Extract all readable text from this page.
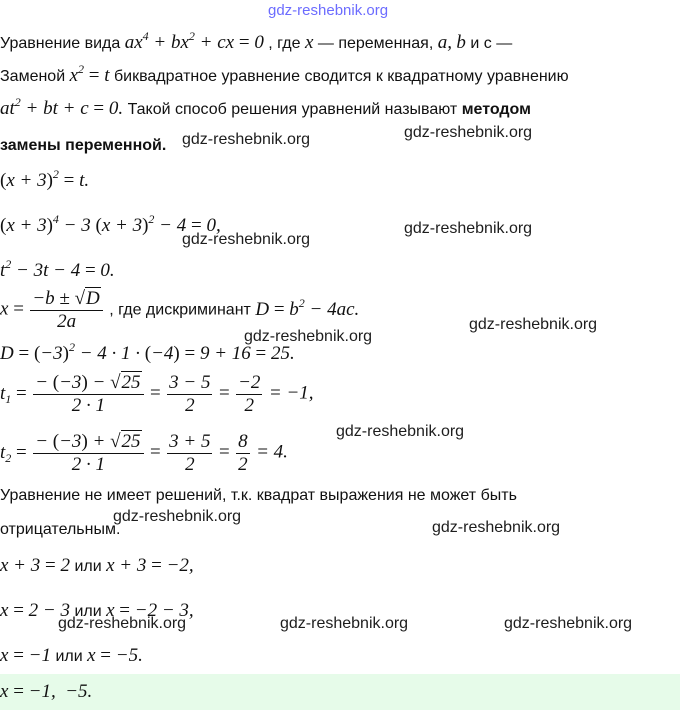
gdz-reshebnik.org
Уравнение вида $ax^4 + bx^2$ + cx = 0 , где x — переменная, a, b и c —
Заменой $x^2 = t$ биквадратное уравнение сводится к квадратному уравнению
$at^2$ + bt + c = 0. Такой способ решения уравнений называют методом
замены переменной.
$(x + 3)^2 = t$.
$(x + 3)^4 - 3$ $(x + 3)^2 - 4 = 0$,
$t^2 - 3t - 4 = 0$.
$x = \frac{-b \pm √D}{2a}$ , где дискриминант $D = b^2 - 4ac$.
$D = (-3)^2 - 4 \cdot 1 \cdot (-4) = 9 + 16 = 25$.
$t_1 = \frac{- (-3) - √25}{2 \cdot 1} = \frac{3 - 5}{2} = \frac{-2}{2} = -1$,
$t_2 = \frac{- (-3) + √25}{2 \cdot 1} = \frac{3 + 5}{2} = \frac{8}{2} = 4$.
Уравнение не имеет решений, т.к. квадрат выражения не может быть
отрицательным.
x + 3 = 2 или x + 3 = −2,
x = 2 − 3 или x = −2 − 3,
x = −1 или x = −5.
x = −1,  −5.
gdz-reshebnik.org	gdz-reshebnik.org
gdz-reshebnik.org
gdz-reshebnik.org
gdz-reshebnik.org
gdz-reshebnik.org
gdz-reshebnik.org
gdz-reshebnik.org
gdz-reshebnik.org
gdz-reshebnik.org	gdz-reshebnik.org	gdz-reshebnik.org
